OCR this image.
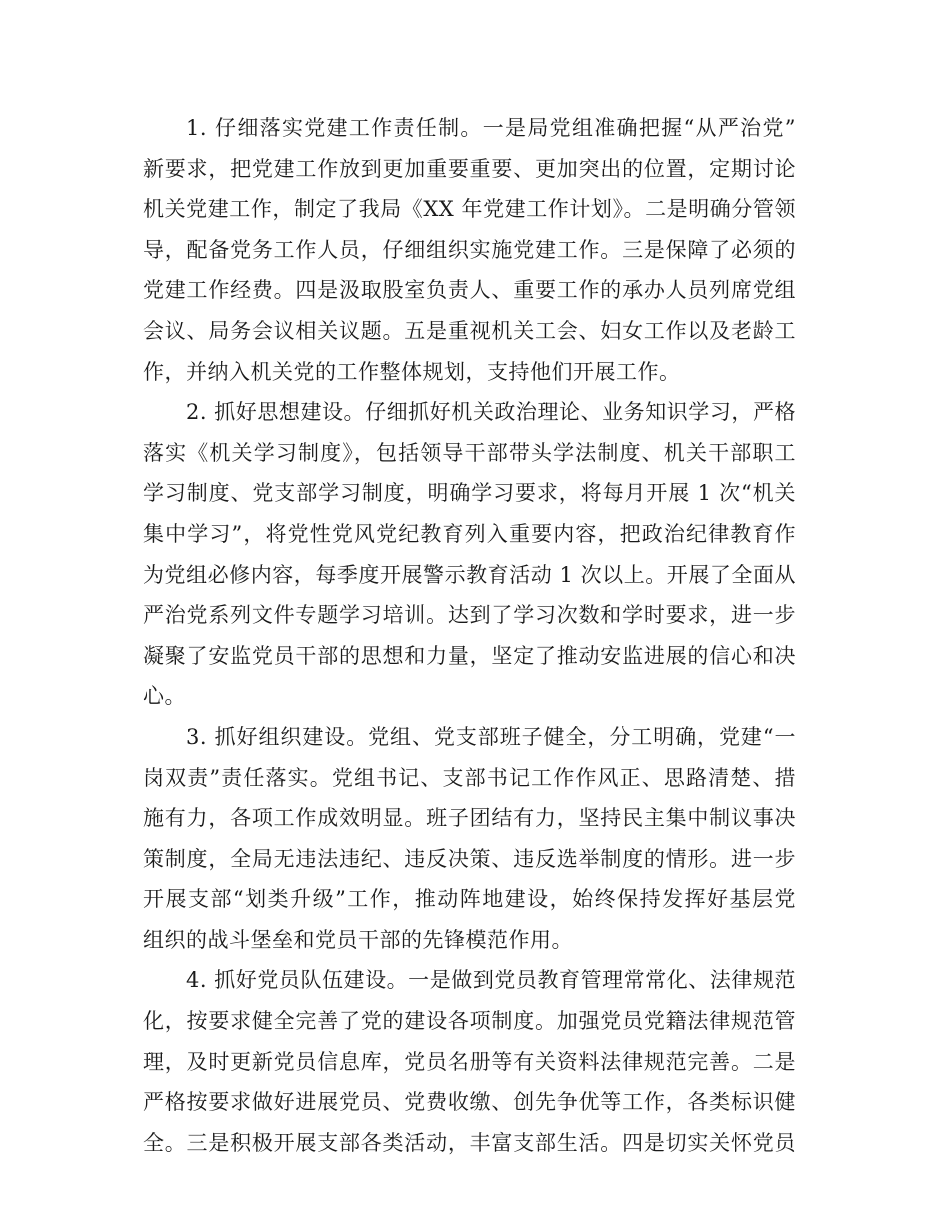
1. 仔细落实党建工作责任制。一是局党组准确把握“从严治党”
新要求，把党建工作放到更加重要重要、更加突出的位置，定期讨论
机关党建工作，制定了我局《XX 年党建工作计划》。二是明确分管领
导，配备党务工作人员，仔细组织实施党建工作。三是保障了必须的
党建工作经费。四是汲取股室负责人、重要工作的承办人员列席党组
会议、局务会议相关议题。五是重视机关工会、妇女工作以及老龄工
作，并纳入机关党的工作整体规划，支持他们开展工作。

2. 抓好思想建设。仔细抓好机关政治理论、业务知识学习，严格
落实《机关学习制度》，包括领导干部带头学法制度、机关干部职工
学习制度、党支部学习制度，明确学习要求，将每月开展 1 次“机关
集中学习”，将党性党风党纪教育列入重要内容，把政治纪律教育作
为党组必修内容，每季度开展警示教育活动 1 次以上。开展了全面从
严治党系列文件专题学习培训。达到了学习次数和学时要求，进一步
凝聚了安监党员干部的思想和力量，坚定了推动安监进展的信心和决
心。

3. 抓好组织建设。党组、党支部班子健全，分工明确，党建“一
岗双责”责任落实。党组书记、支部书记工作作风正、思路清楚、措
施有力，各项工作成效明显。班子团结有力，坚持民主集中制议事决
策制度，全局无违法违纪、违反决策、违反选举制度的情形。进一步
开展支部“划类升级”工作，推动阵地建设，始终保持发挥好基层党
组织的战斗堡垒和党员干部的先锋模范作用。

4. 抓好党员队伍建设。一是做到党员教育管理常常化、法律规范
化，按要求健全完善了党的建设各项制度。加强党员党籍法律规范管
理，及时更新党员信息库，党员名册等有关资料法律规范完善。二是
严格按要求做好进展党员、党费收缴、创先争优等工作，各类标识健
全。三是积极开展支部各类活动，丰富支部生活。四是切实关怀党员
